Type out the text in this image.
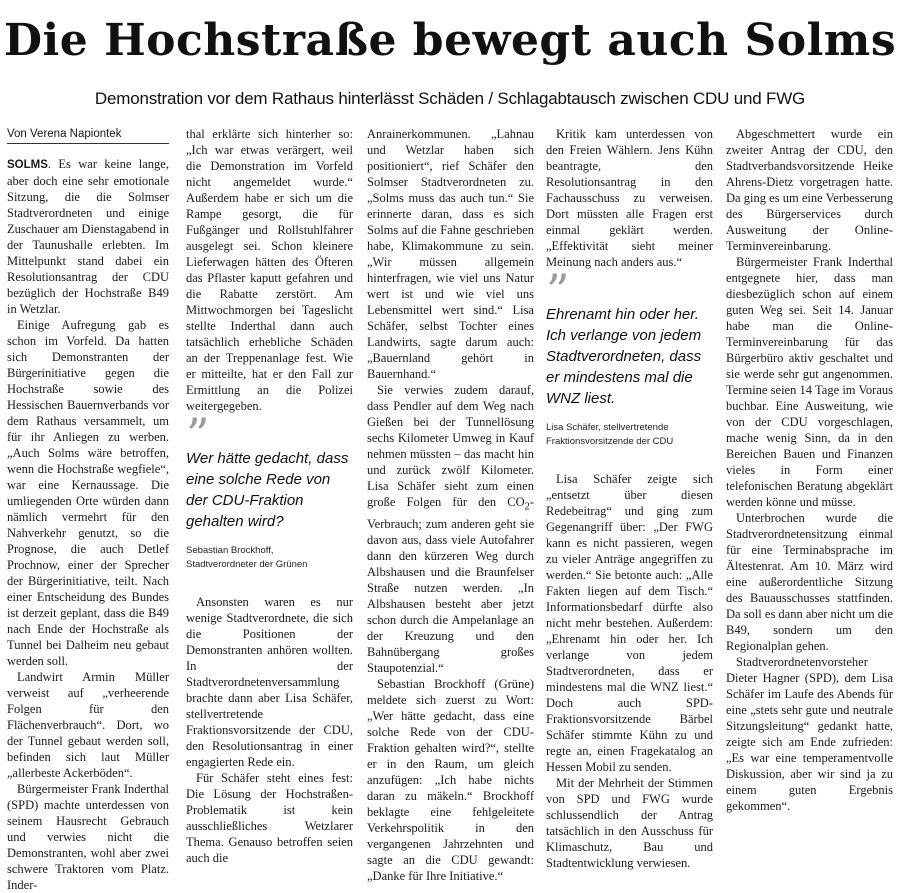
Die Hochstraße bewegt auch Solms
Demonstration vor dem Rathaus hinterlässt Schäden / Schlagabtausch zwischen CDU und FWG
Von Verena Napiontek

SOLMS. Es war keine lange, aber doch eine sehr emotionale Sitzung, die die Solmser Stadtverordneten und einige Zuschauer am Dienstagabend in der Taunushalle erlebten. Im Mittelpunkt stand dabei ein Resolutionsantrag der CDU bezüglich der Hochstraße B49 in Wetzlar.

Einige Aufregung gab es schon im Vorfeld. Da hatten sich Demonstranten der Bürgerinitiative gegen die Hochstraße sowie des Hessischen Bauernverbands vor dem Rathaus versammelt, um für ihr Anliegen zu werben. „Auch Solms wäre betroffen, wenn die Hochstraße wegfiele“, war eine Kernaussage. Die umliegenden Orte würden dann nämlich vermehrt für den Nahverkehr genutzt, so die Prognose, die auch Detlef Prochnow, einer der Sprecher der Bürgerinitiative, teilt. Nach einer Entscheidung des Bundes ist derzeit geplant, dass die B49 nach Ende der Hochstraße als Tunnel bei Dalheim neu gebaut werden soll.

Landwirt Armin Müller verweist auf „verheerende Folgen für den Flächenverbrauch“. Dort, wo der Tunnel gebaut werden soll, befinden sich laut Müller „allerbeste Ackerböden“.

Bürgermeister Frank Inderthal (SPD) machte unterdessen von seinem Hausrecht Gebrauch und verwies nicht die Demonstranten, wohl aber zwei schwere Traktoren vom Platz. Inder-

thal erklärte sich hinterher so: „Ich war etwas verärgert, weil die Demonstration im Vorfeld nicht angemeldet wurde.“ Außerdem habe er sich um die Rampe gesorgt, die für Fußgänger und Rollstuhlfahrer ausgelegt sei. Schon kleinere Lieferwagen hätten des Öfteren das Pflaster kaputt gefahren und die Rabatte zerstört. Am Mittwochmorgen bei Tageslicht stellte Inderthal dann auch tatsächlich erhebliche Schäden an der Treppenanlage fest. Wie er mitteilte, hat er den Fall zur Ermittlung an die Polizei weitergegeben.

”
Wer hätte gedacht, dass eine solche Rede von der CDU-Fraktion gehalten wird?
Sebastian Brockhoff,
Stadtverordneter der Grünen

Ansonsten waren es nur wenige Stadtverordnete, die sich die Positionen der Demonstranten anhören wollten. In der Stadtverordnetenversammlung brachte dann aber Lisa Schäfer, stellvertretende Fraktionsvorsitzende der CDU, den Resolutionsantrag in einer engagierten Rede ein.

Für Schäfer steht eines fest: Die Lösung der Hochstraßen-Problematik ist kein ausschließliches Wetzlarer Thema. Genauso betroffen seien auch die

Anrainerkommunen. „Lahnau und Wetzlar haben sich positioniert“, rief Schäfer den Solmser Stadtverordneten zu. „Solms muss das auch tun.“ Sie erinnerte daran, dass es sich Solms auf die Fahne geschrieben habe, Klimakommune zu sein. „Wir müssen allgemein hinterfragen, wie viel uns Natur wert ist und wie viel uns Lebensmittel wert sind.“ Lisa Schäfer, selbst Tochter eines Landwirts, sagte darum auch: „Bauernland gehört in Bauernhand.“

Sie verwies zudem darauf, dass Pendler auf dem Weg nach Gießen bei der Tunnellösung sechs Kilometer Umweg in Kauf nehmen müssten – das macht hin und zurück zwölf Kilometer. Lisa Schäfer sieht zum einen große Folgen für den $CO_2$-Verbrauch; zum anderen geht sie davon aus, dass viele Autofahrer dann den kürzeren Weg durch Albshausen und die Braunfelser Straße nutzen werden. „In Albshausen besteht aber jetzt schon durch die Ampelanlage an der Kreuzung und den Bahnübergang großes Staupotenzial.“

Sebastian Brockhoff (Grüne) meldete sich zuerst zu Wort: „Wer hätte gedacht, dass eine solche Rede von der CDU-Fraktion gehalten wird?“, stellte er in den Raum, um gleich anzufügen: „Ich habe nichts daran zu mäkeln.“ Brockhoff beklagte eine fehlgeleitete Verkehrspolitik in den vergangenen Jahrzehnten und sagte an die CDU gewandt: „Danke für Ihre Initiative.“

Kritik kam unterdessen von den Freien Wählern. Jens Kühn beantragte, den Resolutionsantrag in den Fachausschuss zu verweisen. Dort müssten alle Fragen erst einmal geklärt werden. „Effektivität sieht meiner Meinung nach anders aus.“

”
Ehrenamt hin oder her. Ich verlange von jedem Stadtverordneten, dass er mindestens mal die WNZ liest.
Lisa Schäfer, stellvertretende
Fraktionsvorsitzende der CDU

Lisa Schäfer zeigte sich „entsetzt über diesen Redebeitrag“ und ging zum Gegenangriff über: „Der FWG kann es nicht passieren, wegen zu vieler Anträge angegriffen zu werden.“ Sie betonte auch: „Alle Fakten liegen auf dem Tisch.“ Informationsbedarf dürfte also nicht mehr bestehen. Außerdem: „Ehrenamt hin oder her. Ich verlange von jedem Stadtverordneten, dass er mindestens mal die WNZ liest.“ Doch auch SPD-Fraktionsvorsitzende Bärbel Schäfer stimmte Kühn zu und regte an, einen Fragekatalog an Hessen Mobil zu senden.

Mit der Mehrheit der Stimmen von SPD und FWG wurde schlussendlich der Antrag tatsächlich in den Ausschuss für Klimaschutz, Bau und Stadtentwicklung verwiesen.

Abgeschmettert wurde ein zweiter Antrag der CDU, den Stadtverbandsvorsitzende Heike Ahrens-Dietz vorgetragen hatte. Da ging es um eine Verbesserung des Bürgerservices durch Ausweitung der Online-Terminvereinbarung.

Bürgermeister Frank Inderthal entgegnete hier, dass man diesbezüglich schon auf einem guten Weg sei. Seit 14. Januar habe man die Online-Terminvereinbarung für das Bürgerbüro aktiv geschaltet und sie werde sehr gut angenommen. Termine seien 14 Tage im Voraus buchbar. Eine Ausweitung, wie von der CDU vorgeschlagen, mache wenig Sinn, da in den Bereichen Bauen und Finanzen vieles in Form einer telefonischen Beratung abgeklärt werden könne und müsse.

Unterbrochen wurde die Stadtverordnetensitzung einmal für eine Terminabsprache im Ältestenrat. Am 10. März wird eine außerordentliche Sitzung des Bauausschusses stattfinden. Da soll es dann aber nicht um die B49, sondern um den Regionalplan gehen.

Stadtverordnetenvorsteher Dieter Hagner (SPD), dem Lisa Schäfer im Laufe des Abends für eine „stets sehr gute und neutrale Sitzungsleitung“ gedankt hatte, zeigte sich am Ende zufrieden: „Es war eine temperamentvolle Diskussion, aber wir sind ja zu einem guten Ergebnis gekommen“.
